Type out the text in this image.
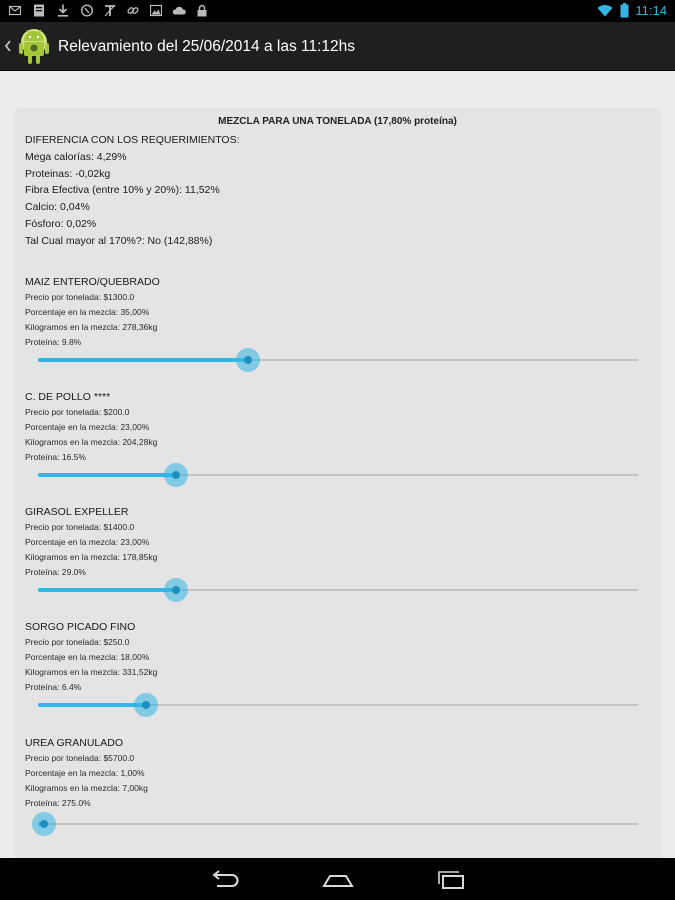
11:14
Relevamiento del 25/06/2014 a las 11:12hs
MEZCLA PARA UNA TONELADA (17,80% proteína)
DIFERENCIA CON LOS REQUERIMIENTOS:
Mega calorías: 4,29%
Proteinas: -0,02kg
Fibra Efectiva (entre 10% y 20%): 11,52%
Calcio: 0,04%
Fósforo: 0,02%
Tal Cual mayor al 170%?: No (142,88%)
MAIZ ENTERO/QUEBRADO
Precio por tonelada: $1300.0
Porcentaje en la mezcla: 35,00%
Kilogramos en la mezcla: 278,36kg
Proteína: 9.8%
C. DE POLLO ****
Precio por tonelada: $200.0
Porcentaje en la mezcla: 23,00%
Kilogramos en la mezcla: 204,28kg
Proteína: 16.5%
GIRASOL EXPELLER
Precio por tonelada: $1400.0
Porcentaje en la mezcla: 23,00%
Kilogramos en la mezcla: 178,85kg
Proteína: 29.0%
SORGO PICADO FINO
Precio por tonelada: $250.0
Porcentaje en la mezcla: 18,00%
Kilogramos en la mezcla: 331,52kg
Proteína: 6.4%
UREA GRANULADO
Precio por tonelada: $5700.0
Porcentaje en la mezcla: 1,00%
Kilogramos en la mezcla: 7,00kg
Proteína: 275.0%
